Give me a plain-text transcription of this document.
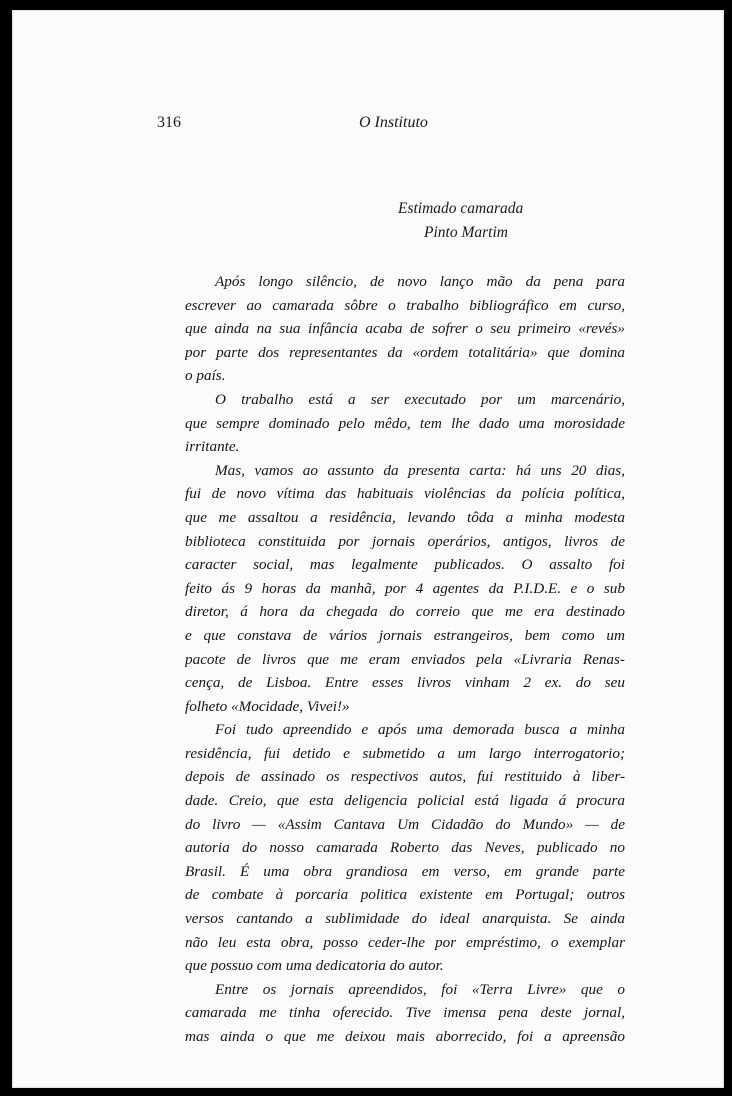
316	O Instituto
Estimado camarada
Pinto Martim
Após longo silêncio, de novo lanço mão da pena para
escrever ao camarada sôbre o trabalho bibliográfico em curso,
que ainda na sua infância acaba de sofrer o seu primeiro «revés»
por parte dos representantes da «ordem totalitária» que domina
o país.
O trabalho está a ser executado por um marcenário,
que sempre dominado pelo mêdo, tem lhe dado uma morosidade
irritante.
Mas, vamos ao assunto da presenta carta: há uns 20 dias,
fui de novo vítima das habituais violências da polícia política,
que me assaltou a residência, levando tôda a minha modesta
biblioteca constituida por jornais operários, antigos, livros de
caracter social, mas legalmente publicados. O assalto foi
feito ás 9 horas da manhã, por 4 agentes da P.I.D.E. e o sub
diretor, á hora da chegada do correio que me era destinado
e que constava de vários jornais estrangeiros, bem como um
pacote de livros que me eram enviados pela «Livraria Renas-
cença, de Lisboa. Entre esses livros vinham 2 ex. do seu
folheto «Mocidade, Vivei!»
Foi tudo apreendido e após uma demorada busca a minha
residência, fui detido e submetido a um largo interrogatorio;
depois de assinado os respectivos autos, fui restituido à liber-
dade. Creio, que esta deligencia policial está ligada á procura
do livro — «Assim Cantava Um Cidadão do Mundo» — de
autoria do nosso camarada Roberto das Neves, publicado no
Brasil. É uma obra grandiosa em verso, em grande parte
de combate à porcaria politica existente em Portugal; outros
versos cantando a sublimidade do ideal anarquista. Se ainda
não leu esta obra, posso ceder-lhe por empréstimo, o exemplar
que possuo com uma dedicatoria do autor.
Entre os jornais apreendidos, foi «Terra Livre» que o
camarada me tinha oferecido. Tive imensa pena deste jornal,
mas ainda o que me deixou mais aborrecido, foi a apreensão
